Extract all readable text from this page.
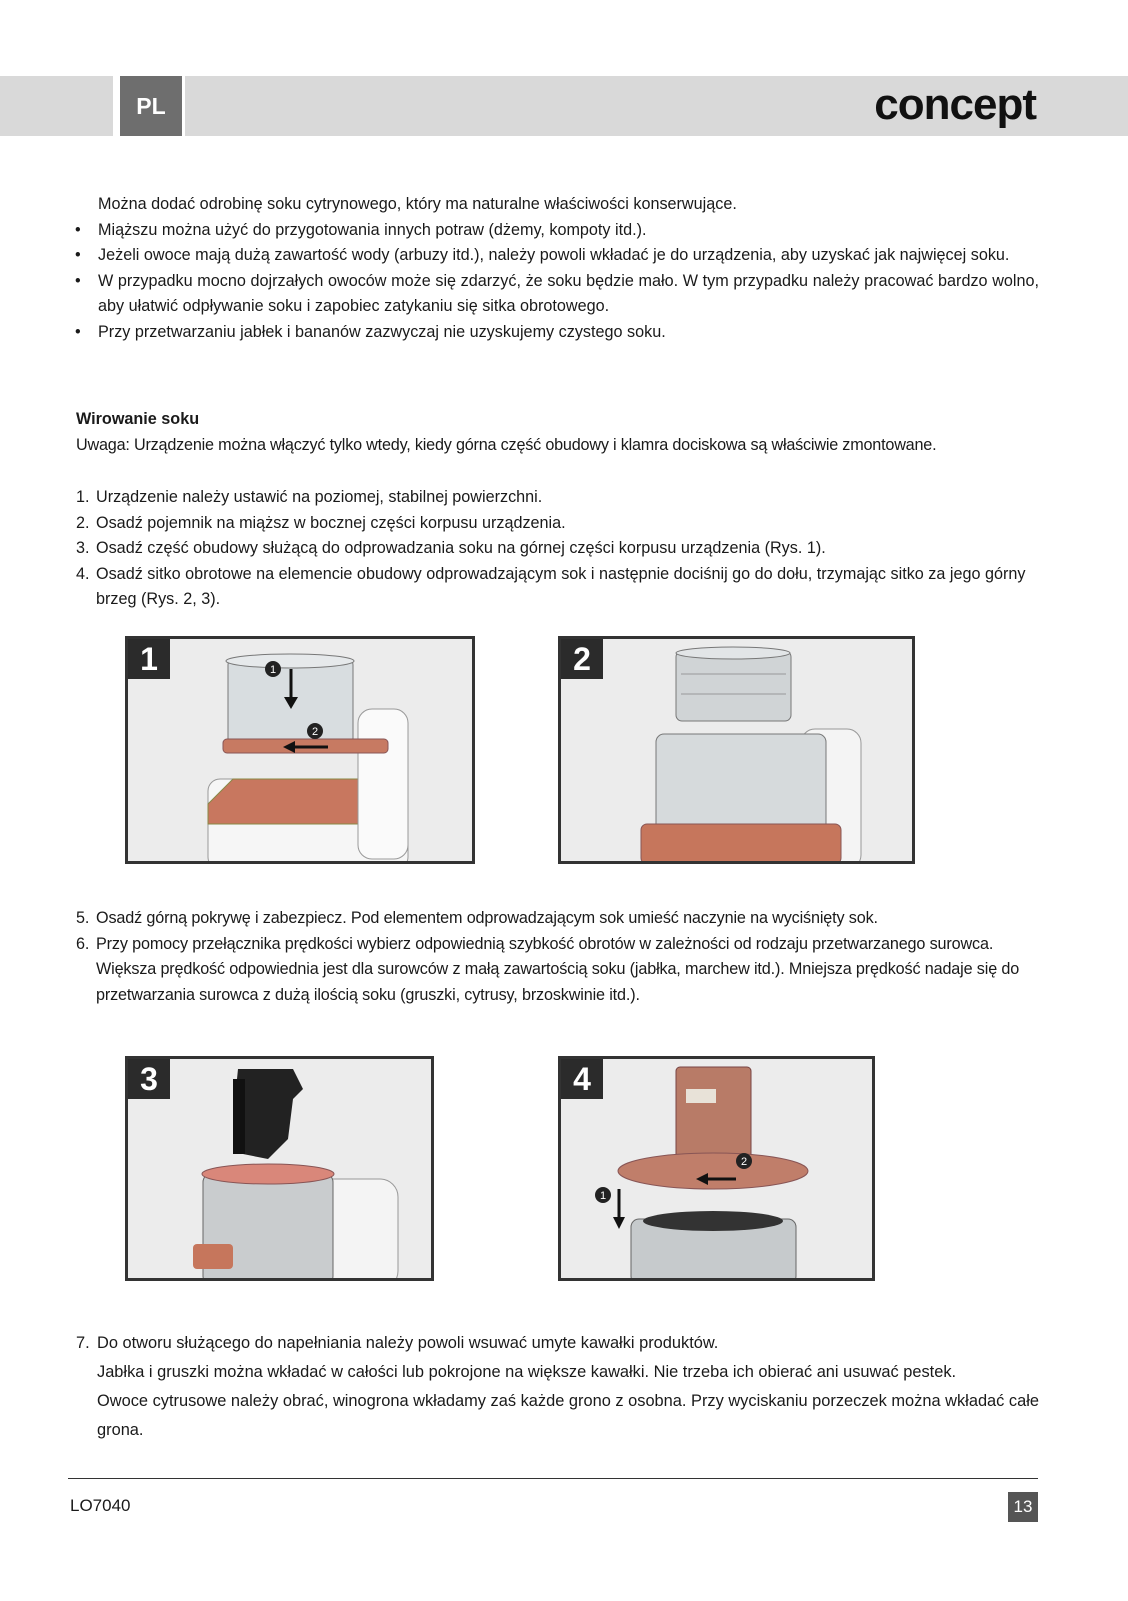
PL	concept
Można dodać odrobinę soku cytrynowego, który ma naturalne właściwości konserwujące.
• Miąższu można użyć do przygotowania innych potraw (dżemy, kompoty itd.).
• Jeżeli owoce mają dużą zawartość wody (arbuzy itd.), należy powoli wkładać je do urządzenia, aby uzyskać jak najwięcej soku.
• W przypadku mocno dojrzałych owoców może się zdarzyć, że soku będzie mało. W tym przypadku należy pracować bardzo wolno, aby ułatwić odpływanie soku i zapobiec zatykaniu się sitka obrotowego.
• Przy przetwarzaniu jabłek i bananów zazwyczaj nie uzyskujemy czystego soku.
Wirowanie soku
Uwaga: Urządzenie można włączyć tylko wtedy, kiedy górna część obudowy i klamra dociskowa są właściwie zmontowane.
1. Urządzenie należy ustawić na poziomej, stabilnej powierzchni.
2. Osadź pojemnik na miąższ w bocznej części korpusu urządzenia.
3. Osadź część obudowy służącą do odprowadzania soku na górnej części korpusu urządzenia (Rys. 1).
4. Osadź sitko obrotowe na elemencie obudowy odprowadzającym sok i następnie dociśnij go do dołu, trzymając sitko za jego górny brzeg (Rys. 2, 3).
1
2
1	2
5. Osadź górną pokrywę i zabezpiecz. Pod elementem odprowadzającym sok umieść naczynie na wyciśnięty sok.
6. Przy pomocy przełącznika prędkości wybierz odpowiednią szybkość obrotów w zależności od rodzaju przetwarzanego surowca. Większa prędkość odpowiednia jest dla surowców z małą zawartością soku (jabłka, marchew itd.). Mniejsza prędkość nadaje się do przetwarzania surowca z dużą ilością soku (gruszki, cytrusy, brzoskwinie itd.).
3
1
2
4
7. Do otworu służącego do napełniania należy powoli wsuwać umyte kawałki produktów.
Jabłka i gruszki można wkładać w całości lub pokrojone na większe kawałki. Nie trzeba ich obierać ani usuwać pestek.
Owoce cytrusowe należy obrać, winogrona wkładamy zaś każde grono z osobna. Przy wyciskaniu porzeczek można wkładać całe grona.
LO7040	13
